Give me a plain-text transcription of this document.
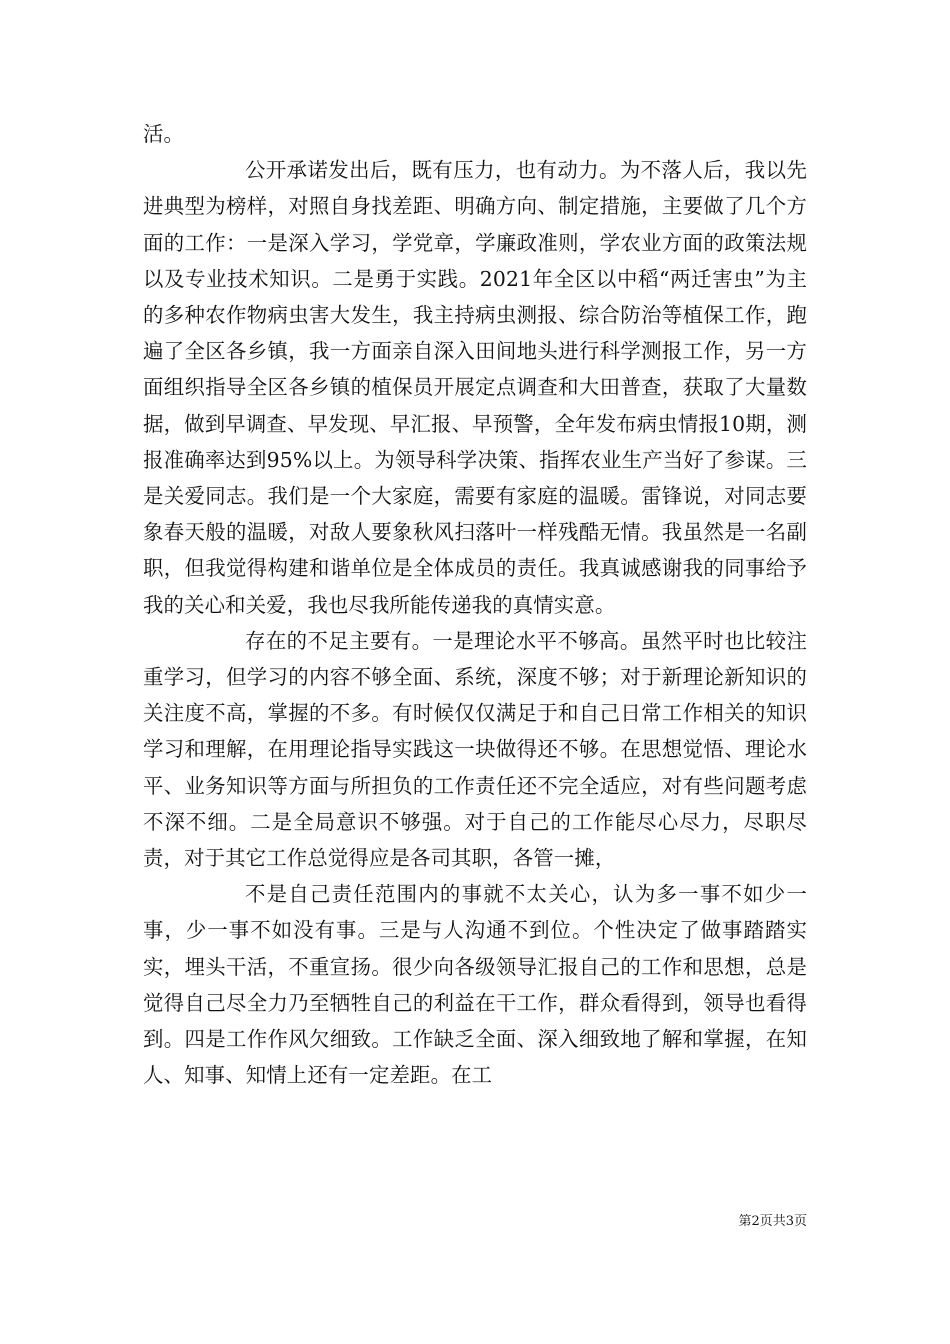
活。

公开承诺发出后，既有压力，也有动力。为不落人后，我以先进典型为榜样，对照自身找差距、明确方向、制定措施，主要做了几个方面的工作：一是深入学习，学党章，学廉政准则，学农业方面的政策法规以及专业技术知识。二是勇于实践。2021年全区以中稻“两迁害虫”为主的多种农作物病虫害大发生，我主持病虫测报、综合防治等植保工作，跑遍了全区各乡镇，我一方面亲自深入田间地头进行科学测报工作，另一方面组织指导全区各乡镇的植保员开展定点调查和大田普查，获取了大量数据，做到早调查、早发现、早汇报、早预警，全年发布病虫情报10期，测报准确率达到95%以上。为领导科学决策、指挥农业生产当好了参谋。三是关爱同志。我们是一个大家庭，需要有家庭的温暖。雷锋说，对同志要象春天般的温暖，对敌人要象秋风扫落叶一样残酷无情。我虽然是一名副职，但我觉得构建和谐单位是全体成员的责任。我真诚感谢我的同事给予我的关心和关爱，我也尽我所能传递我的真情实意。

存在的不足主要有。一是理论水平不够高。虽然平时也比较注重学习，但学习的内容不够全面、系统，深度不够；对于新理论新知识的关注度不高，掌握的不多。有时候仅仅满足于和自己日常工作相关的知识学习和理解，在用理论指导实践这一块做得还不够。在思想觉悟、理论水平、业务知识等方面与所担负的工作责任还不完全适应，对有些问题考虑不深不细。二是全局意识不够强。对于自己的工作能尽心尽力，尽职尽责，对于其它工作总觉得应是各司其职，各管一摊，

不是自己责任范围内的事就不太关心，认为多一事不如少一事，少一事不如没有事。三是与人沟通不到位。个性决定了做事踏踏实实，埋头干活，不重宣扬。很少向各级领导汇报自己的工作和思想，总是觉得自己尽全力乃至牺牲自己的利益在干工作，群众看得到，领导也看得到。四是工作作风欠细致。工作缺乏全面、深入细致地了解和掌握，在知人、知事、知情上还有一定差距。在工

第2页共3页
